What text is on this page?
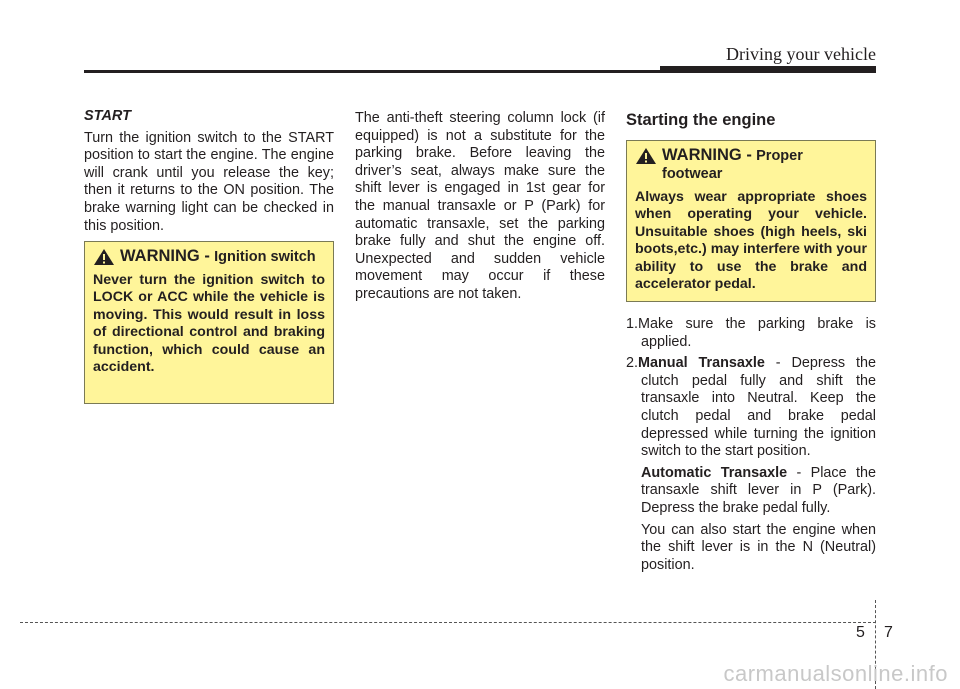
Driving your vehicle
START

Turn the ignition switch to the START position to start the engine. The engine will crank until you release the key; then it returns to the ON position. The brake warning light can be checked in this position.

WARNING - Ignition switch
Never turn the ignition switch to LOCK or ACC while the vehicle is moving. This would result in loss of directional control and braking function, which could cause an accident.

The anti-theft steering column lock (if equipped) is not a substitute for the parking brake. Before leaving the driver’s seat, always make sure the shift lever is engaged in 1st gear for the manual transaxle or P (Park) for automatic transaxle, set the parking brake fully and shut the engine off. Unexpected and sudden vehicle movement may occur if these precautions are not taken.

Starting the engine
WARNING - Proper footwear
Always wear appropriate shoes when operating your vehicle. Unsuitable shoes (high heels, ski boots,etc.) may interfere with your ability to use the brake and accelerator pedal.

1.Make sure the parking brake is applied.

2.Manual Transaxle - Depress the clutch pedal fully and shift the transaxle into Neutral. Keep the clutch pedal and brake pedal depressed while turning the ignition switch to the start position.

Automatic Transaxle - Place the transaxle shift lever in P (Park). Depress the brake pedal fully.

You can also start the engine when the shift lever is in the N (Neutral) position.

5 7
carmanualsonline.info
